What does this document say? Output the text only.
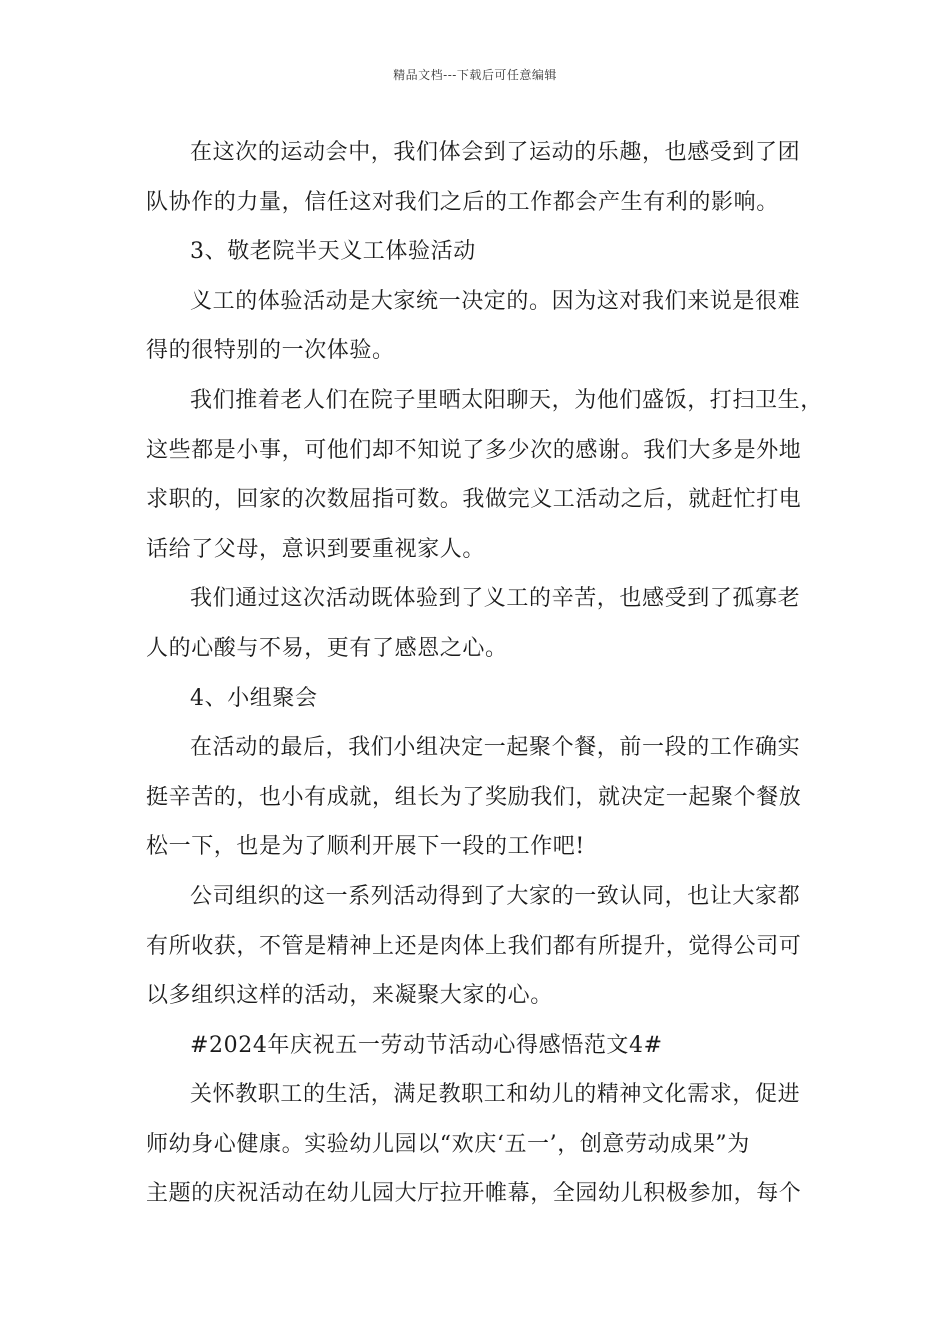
精品文档---下载后可任意编辑
在这次的运动会中，我们体会到了运动的乐趣，也感受到了团
队协作的力量，信任这对我们之后的工作都会产生有利的影响。
3、敬老院半天义工体验活动
义工的体验活动是大家统一决定的。因为这对我们来说是很难
得的很特别的一次体验。
我们推着老人们在院子里晒太阳聊天，为他们盛饭，打扫卫生，
这些都是小事，可他们却不知说了多少次的感谢。我们大多是外地
求职的，回家的次数屈指可数。我做完义工活动之后，就赶忙打电
话给了父母，意识到要重视家人。
我们通过这次活动既体验到了义工的辛苦，也感受到了孤寡老
人的心酸与不易，更有了感恩之心。
4、小组聚会
在活动的最后，我们小组决定一起聚个餐，前一段的工作确实
挺辛苦的，也小有成就，组长为了奖励我们，就决定一起聚个餐放
松一下，也是为了顺利开展下一段的工作吧!
公司组织的这一系列活动得到了大家的一致认同，也让大家都
有所收获，不管是精神上还是肉体上我们都有所提升，觉得公司可
以多组织这样的活动，来凝聚大家的心。
#2024年庆祝五一劳动节活动心得感悟范文4#
关怀教职工的生活，满足教职工和幼儿的精神文化需求，促进
师幼身心健康。实验幼儿园以“欢庆‘五一’，创意劳动成果”为
主题的庆祝活动在幼儿园大厅拉开帷幕，全园幼儿积极参加，每个
